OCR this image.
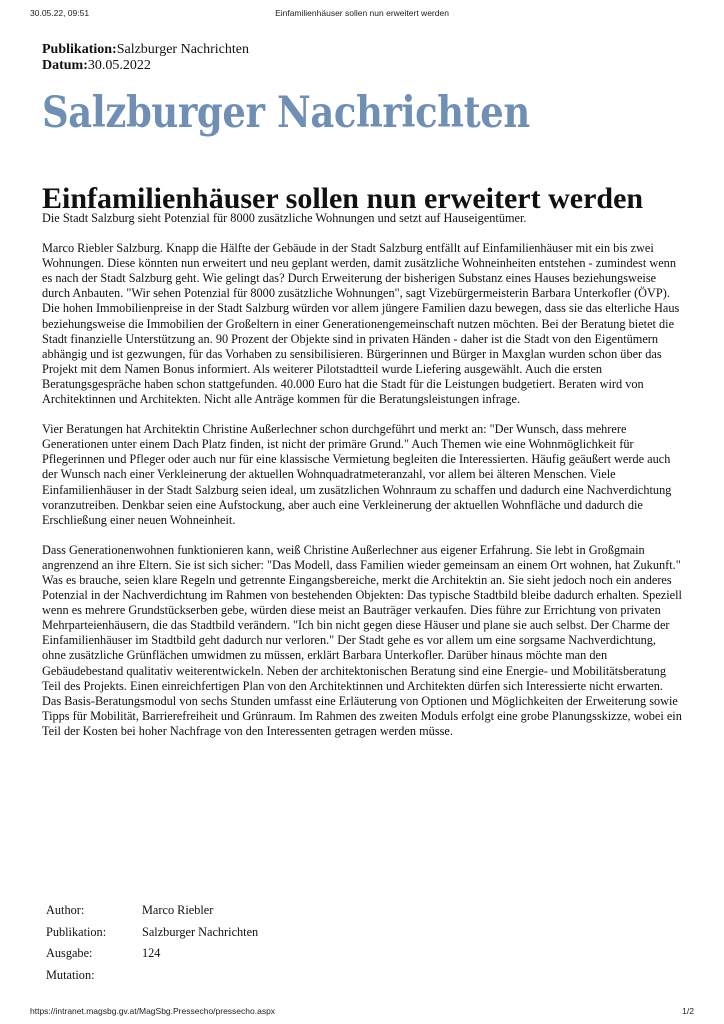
30.05.22, 09:51	Einfamilienhäuser sollen nun erweitert werden
Publikation:Salzburger Nachrichten
Datum:30.05.2022
Salzburger Nachrichten
Einfamilienhäuser sollen nun erweitert werden

Die Stadt Salzburg sieht Potenzial für 8000 zusätzliche Wohnungen und setzt auf Hauseigentümer.

Marco Riebler Salzburg. Knapp die Hälfte der Gebäude in der Stadt Salzburg entfällt auf Einfamilienhäuser mit ein bis zwei Wohnungen. Diese könnten nun erweitert und neu geplant werden, damit zusätzliche Wohneinheiten entstehen - zumindest wenn es nach der Stadt Salzburg geht. Wie gelingt das? Durch Erweiterung der bisherigen Substanz eines Hauses beziehungsweise durch Anbauten. "Wir sehen Potenzial für 8000 zusätzliche Wohnungen", sagt Vizebürgermeisterin Barbara Unterkofler (ÖVP). Die hohen Immobilienpreise in der Stadt Salzburg würden vor allem jüngere Familien dazu bewegen, dass sie das elterliche Haus beziehungsweise die Immobilien der Großeltern in einer Generationengemeinschaft nutzen möchten. Bei der Beratung bietet die Stadt finanzielle Unterstützung an. 90 Prozent der Objekte sind in privaten Händen - daher ist die Stadt von den Eigentümern abhängig und ist gezwungen, für das Vorhaben zu sensibilisieren. Bürgerinnen und Bürger in Maxglan wurden schon über das Projekt mit dem Namen Bonus informiert. Als weiterer Pilotstadtteil wurde Liefering ausgewählt. Auch die ersten Beratungsgespräche haben schon stattgefunden. 40.000 Euro hat die Stadt für die Leistungen budgetiert. Beraten wird von Architektinnen und Architekten. Nicht alle Anträge kommen für die Beratungsleistungen infrage.

Vier Beratungen hat Architektin Christine Außerlechner schon durchgeführt und merkt an: "Der Wunsch, dass mehrere Generationen unter einem Dach Platz finden, ist nicht der primäre Grund." Auch Themen wie eine Wohnmöglichkeit für Pflegerinnen und Pfleger oder auch nur für eine klassische Vermietung begleiten die Interessierten. Häufig geäußert werde auch der Wunsch nach einer Verkleinerung der aktuellen Wohnquadratmeteranzahl, vor allem bei älteren Menschen. Viele Einfamilienhäuser in der Stadt Salzburg seien ideal, um zusätzlichen Wohnraum zu schaffen und dadurch eine Nachverdichtung voranzutreiben. Denkbar seien eine Aufstockung, aber auch eine Verkleinerung der aktuellen Wohnfläche und dadurch die Erschließung einer neuen Wohneinheit.

Dass Generationenwohnen funktionieren kann, weiß Christine Außerlechner aus eigener Erfahrung. Sie lebt in Großgmain angrenzend an ihre Eltern. Sie ist sich sicher: "Das Modell, dass Familien wieder gemeinsam an einem Ort wohnen, hat Zukunft." Was es brauche, seien klare Regeln und getrennte Eingangsbereiche, merkt die Architektin an. Sie sieht jedoch noch ein anderes Potenzial in der Nachverdichtung im Rahmen von bestehenden Objekten: Das typische Stadtbild bleibe dadurch erhalten. Speziell wenn es mehrere Grundstückserben gebe, würden diese meist an Bauträger verkaufen. Dies führe zur Errichtung von privaten Mehrparteienhäusern, die das Stadtbild verändern. "Ich bin nicht gegen diese Häuser und plane sie auch selbst. Der Charme der Einfamilienhäuser im Stadtbild geht dadurch nur verloren." Der Stadt gehe es vor allem um eine sorgsame Nachverdichtung, ohne zusätzliche Grünflächen umwidmen zu müssen, erklärt Barbara Unterkofler. Darüber hinaus möchte man den Gebäudebestand qualitativ weiterentwickeln. Neben der architektonischen Beratung sind eine Energie- und Mobilitätsberatung Teil des Projekts. Einen einreichfertigen Plan von den Architektinnen und Architekten dürfen sich Interessierte nicht erwarten. Das Basis-Beratungsmodul von sechs Stunden umfasst eine Erläuterung von Optionen und Möglichkeiten der Erweiterung sowie Tipps für Mobilität, Barrierefreiheit und Grünraum. Im Rahmen des zweiten Moduls erfolgt eine grobe Planungsskizze, wobei ein Teil der Kosten bei hoher Nachfrage von den Interessenten getragen werden müsse.

Author:	Marco Riebler
Publikation:	Salzburger Nachrichten
Ausgabe:	124
Mutation:	
https://intranet.magsbg.gv.at/MagSbg.Pressecho/pressecho.aspx	1/2
